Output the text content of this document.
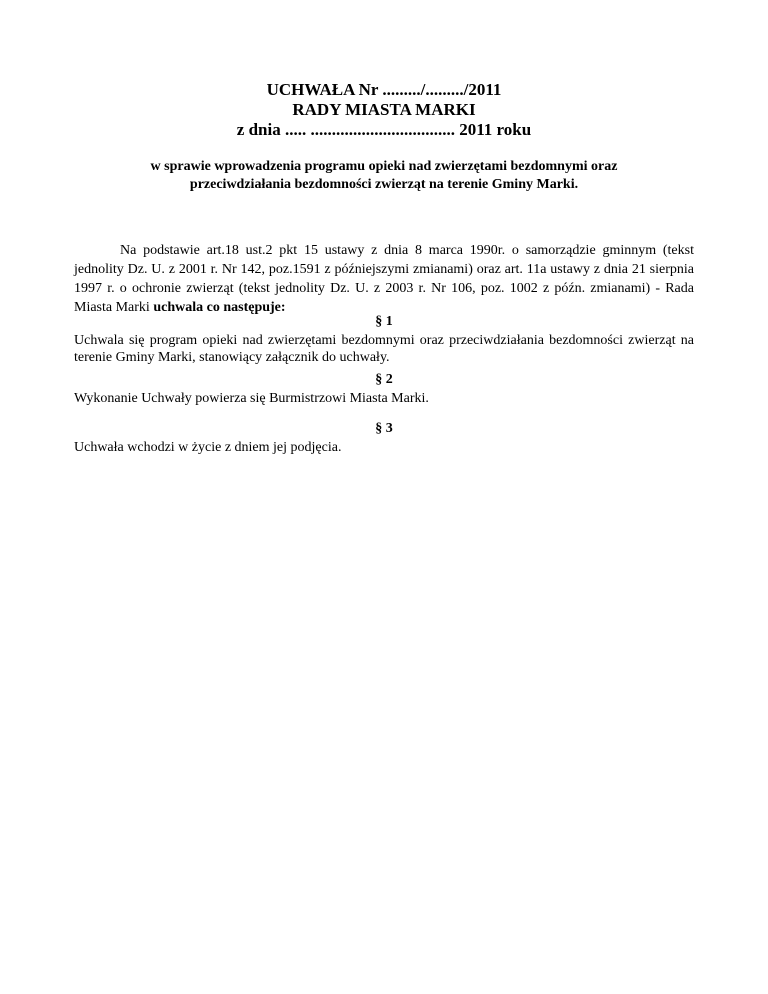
UCHWAŁA Nr ........./........./2011
RADY MIASTA MARKI
z dnia ..... .................................. 2011 roku
w sprawie wprowadzenia programu opieki nad zwierzętami bezdomnymi oraz
przeciwdziałania bezdomności zwierząt na terenie Gminy Marki.
Na podstawie art.18 ust.2 pkt 15 ustawy z dnia 8 marca 1990r. o samorządzie gminnym (tekst jednolity Dz. U. z 2001 r. Nr 142, poz.1591 z późniejszymi zmianami) oraz art. 11a ustawy z dnia 21 sierpnia 1997 r. o ochronie zwierząt (tekst jednolity Dz. U. z 2003 r. Nr 106, poz. 1002 z późn. zmianami) - Rada Miasta Marki uchwala co następuje:
§ 1
Uchwala się program opieki nad zwierzętami bezdomnymi oraz przeciwdziałania bezdomności zwierząt na terenie Gminy Marki, stanowiący załącznik do uchwały.
§ 2
Wykonanie Uchwały powierza się Burmistrzowi Miasta Marki.
§ 3
Uchwała wchodzi w życie z dniem jej podjęcia.
